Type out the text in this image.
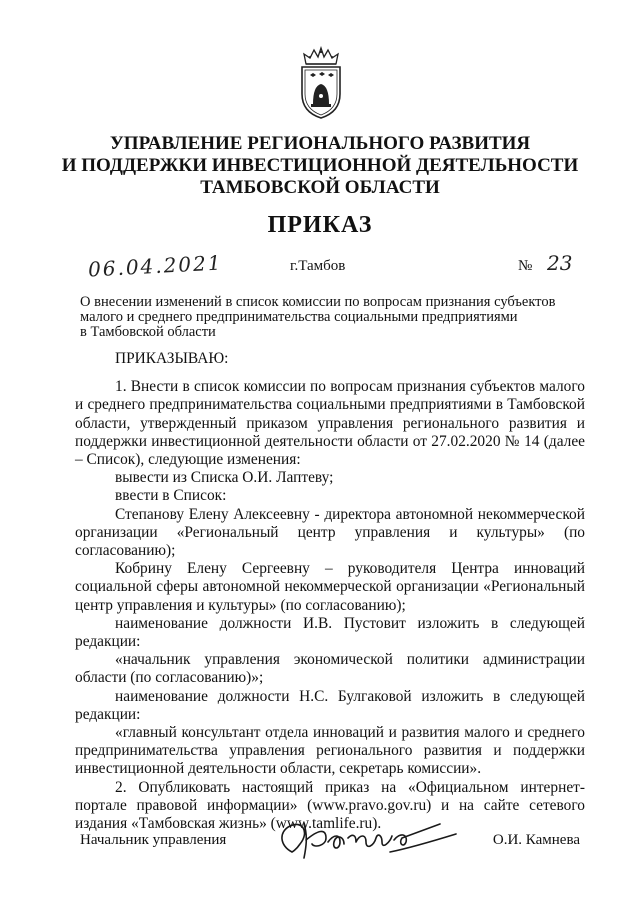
УПРАВЛЕНИЕ РЕГИОНАЛЬНОГО РАЗВИТИЯ
И ПОДДЕРЖКИ ИНВЕСТИЦИОННОЙ ДЕЯТЕЛЬНОСТИ
ТАМБОВСКОЙ ОБЛАСТИ
ПРИКАЗ
06.04.2021	г.Тамбов	№ 23
О внесении изменений в список комиссии по вопросам признания субъектов
малого и среднего предпринимательства социальными предприятиями
в Тамбовской области

ПРИКАЗЫВАЮ:

1. Внести в список комиссии по вопросам признания субъектов малого и среднего предпринимательства социальными предприятиями в Тамбовской области, утвержденный приказом управления регионального развития и поддержки инвестиционной деятельности области от 27.02.2020 № 14 (далее – Список), следующие изменения:

вывести из Списка О.И. Лаптеву;

ввести в Список:

Степанову Елену Алексеевну - директора автономной некоммерческой организации «Региональный центр управления и культуры» (по согласованию);

Кобрину Елену Сергеевну – руководителя Центра инноваций социальной сферы автономной некоммерческой организации «Региональный центр управления и культуры» (по согласованию);

наименование должности И.В. Пустовит изложить в следующей редакции:

«начальник управления экономической политики администрации области (по согласованию)»;

наименование должности Н.С. Булгаковой изложить в следующей редакции:

«главный консультант отдела инноваций и развития малого и среднего предпринимательства управления регионального развития и поддержки инвестиционной деятельности области, секретарь комиссии».

2. Опубликовать настоящий приказ на «Официальном интернет-портале правовой информации» (www.pravo.gov.ru) и на сайте сетевого издания «Тамбовская жизнь» (www.tamlife.ru).

Начальник управления	О.И. Камнева
